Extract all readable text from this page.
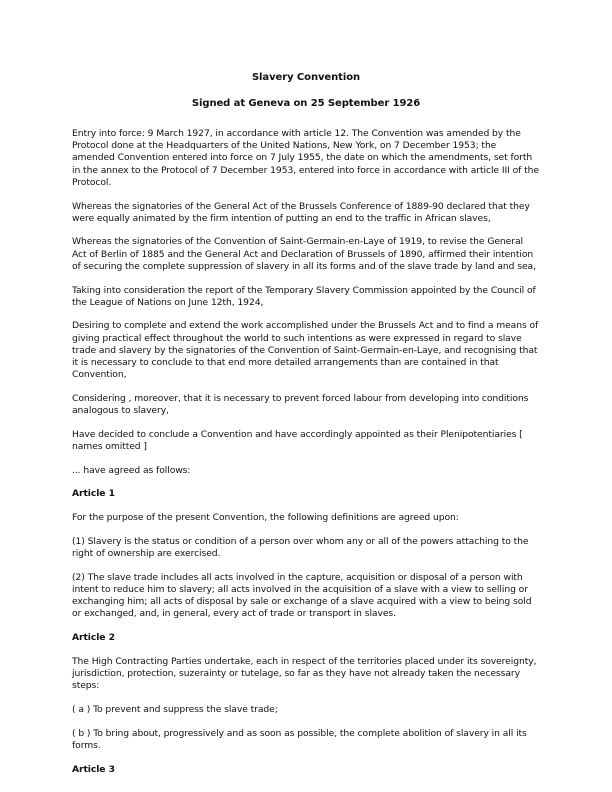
Slavery Convention
Signed at Geneva on 25 September 1926

Entry into force: 9 March 1927, in accordance with article 12. The Convention was amended by the Protocol done at the Headquarters of the United Nations, New York, on 7 December 1953; the amended Convention entered into force on 7 July 1955, the date on which the amendments, set forth in the annex to the Protocol of 7 December 1953, entered into force in accordance with article III of the Protocol.

Whereas the signatories of the General Act of the Brussels Conference of 1889-90 declared that they were equally animated by the firm intention of putting an end to the traffic in African slaves,

Whereas the signatories of the Convention of Saint-Germain-en-Laye of 1919, to revise the General Act of Berlin of 1885 and the General Act and Declaration of Brussels of 1890, affirmed their intention of securing the complete suppression of slavery in all its forms and of the slave trade by land and sea,

Taking into consideration the report of the Temporary Slavery Commission appointed by the Council of the League of Nations on June 12th, 1924,

Desiring to complete and extend the work accomplished under the Brussels Act and to find a means of giving practical effect throughout the world to such intentions as were expressed in regard to slave trade and slavery by the signatories of the Convention of Saint-Germain-en-Laye, and recognising that it is necessary to conclude to that end more detailed arrangements than are contained in that Convention,

Considering , moreover, that it is necessary to prevent forced labour from developing into conditions analogous to slavery,

Have decided to conclude a Convention and have accordingly appointed as their Plenipotentiaries [ names omitted ]

... have agreed as follows:

Article 1

For the purpose of the present Convention, the following definitions are agreed upon:

(1) Slavery is the status or condition of a person over whom any or all of the powers attaching to the right of ownership are exercised.

(2) The slave trade includes all acts involved in the capture, acquisition or disposal of a person with intent to reduce him to slavery; all acts involved in the acquisition of a slave with a view to selling or exchanging him; all acts of disposal by sale or exchange of a slave acquired with a view to being sold or exchanged, and, in general, every act of trade or transport in slaves.

Article 2

The High Contracting Parties undertake, each in respect of the territories placed under its sovereignty, jurisdiction, protection, suzerainty or tutelage, so far as they have not already taken the necessary steps:

( a ) To prevent and suppress the slave trade;

( b ) To bring about, progressively and as soon as possible, the complete abolition of slavery in all its forms.

Article 3
